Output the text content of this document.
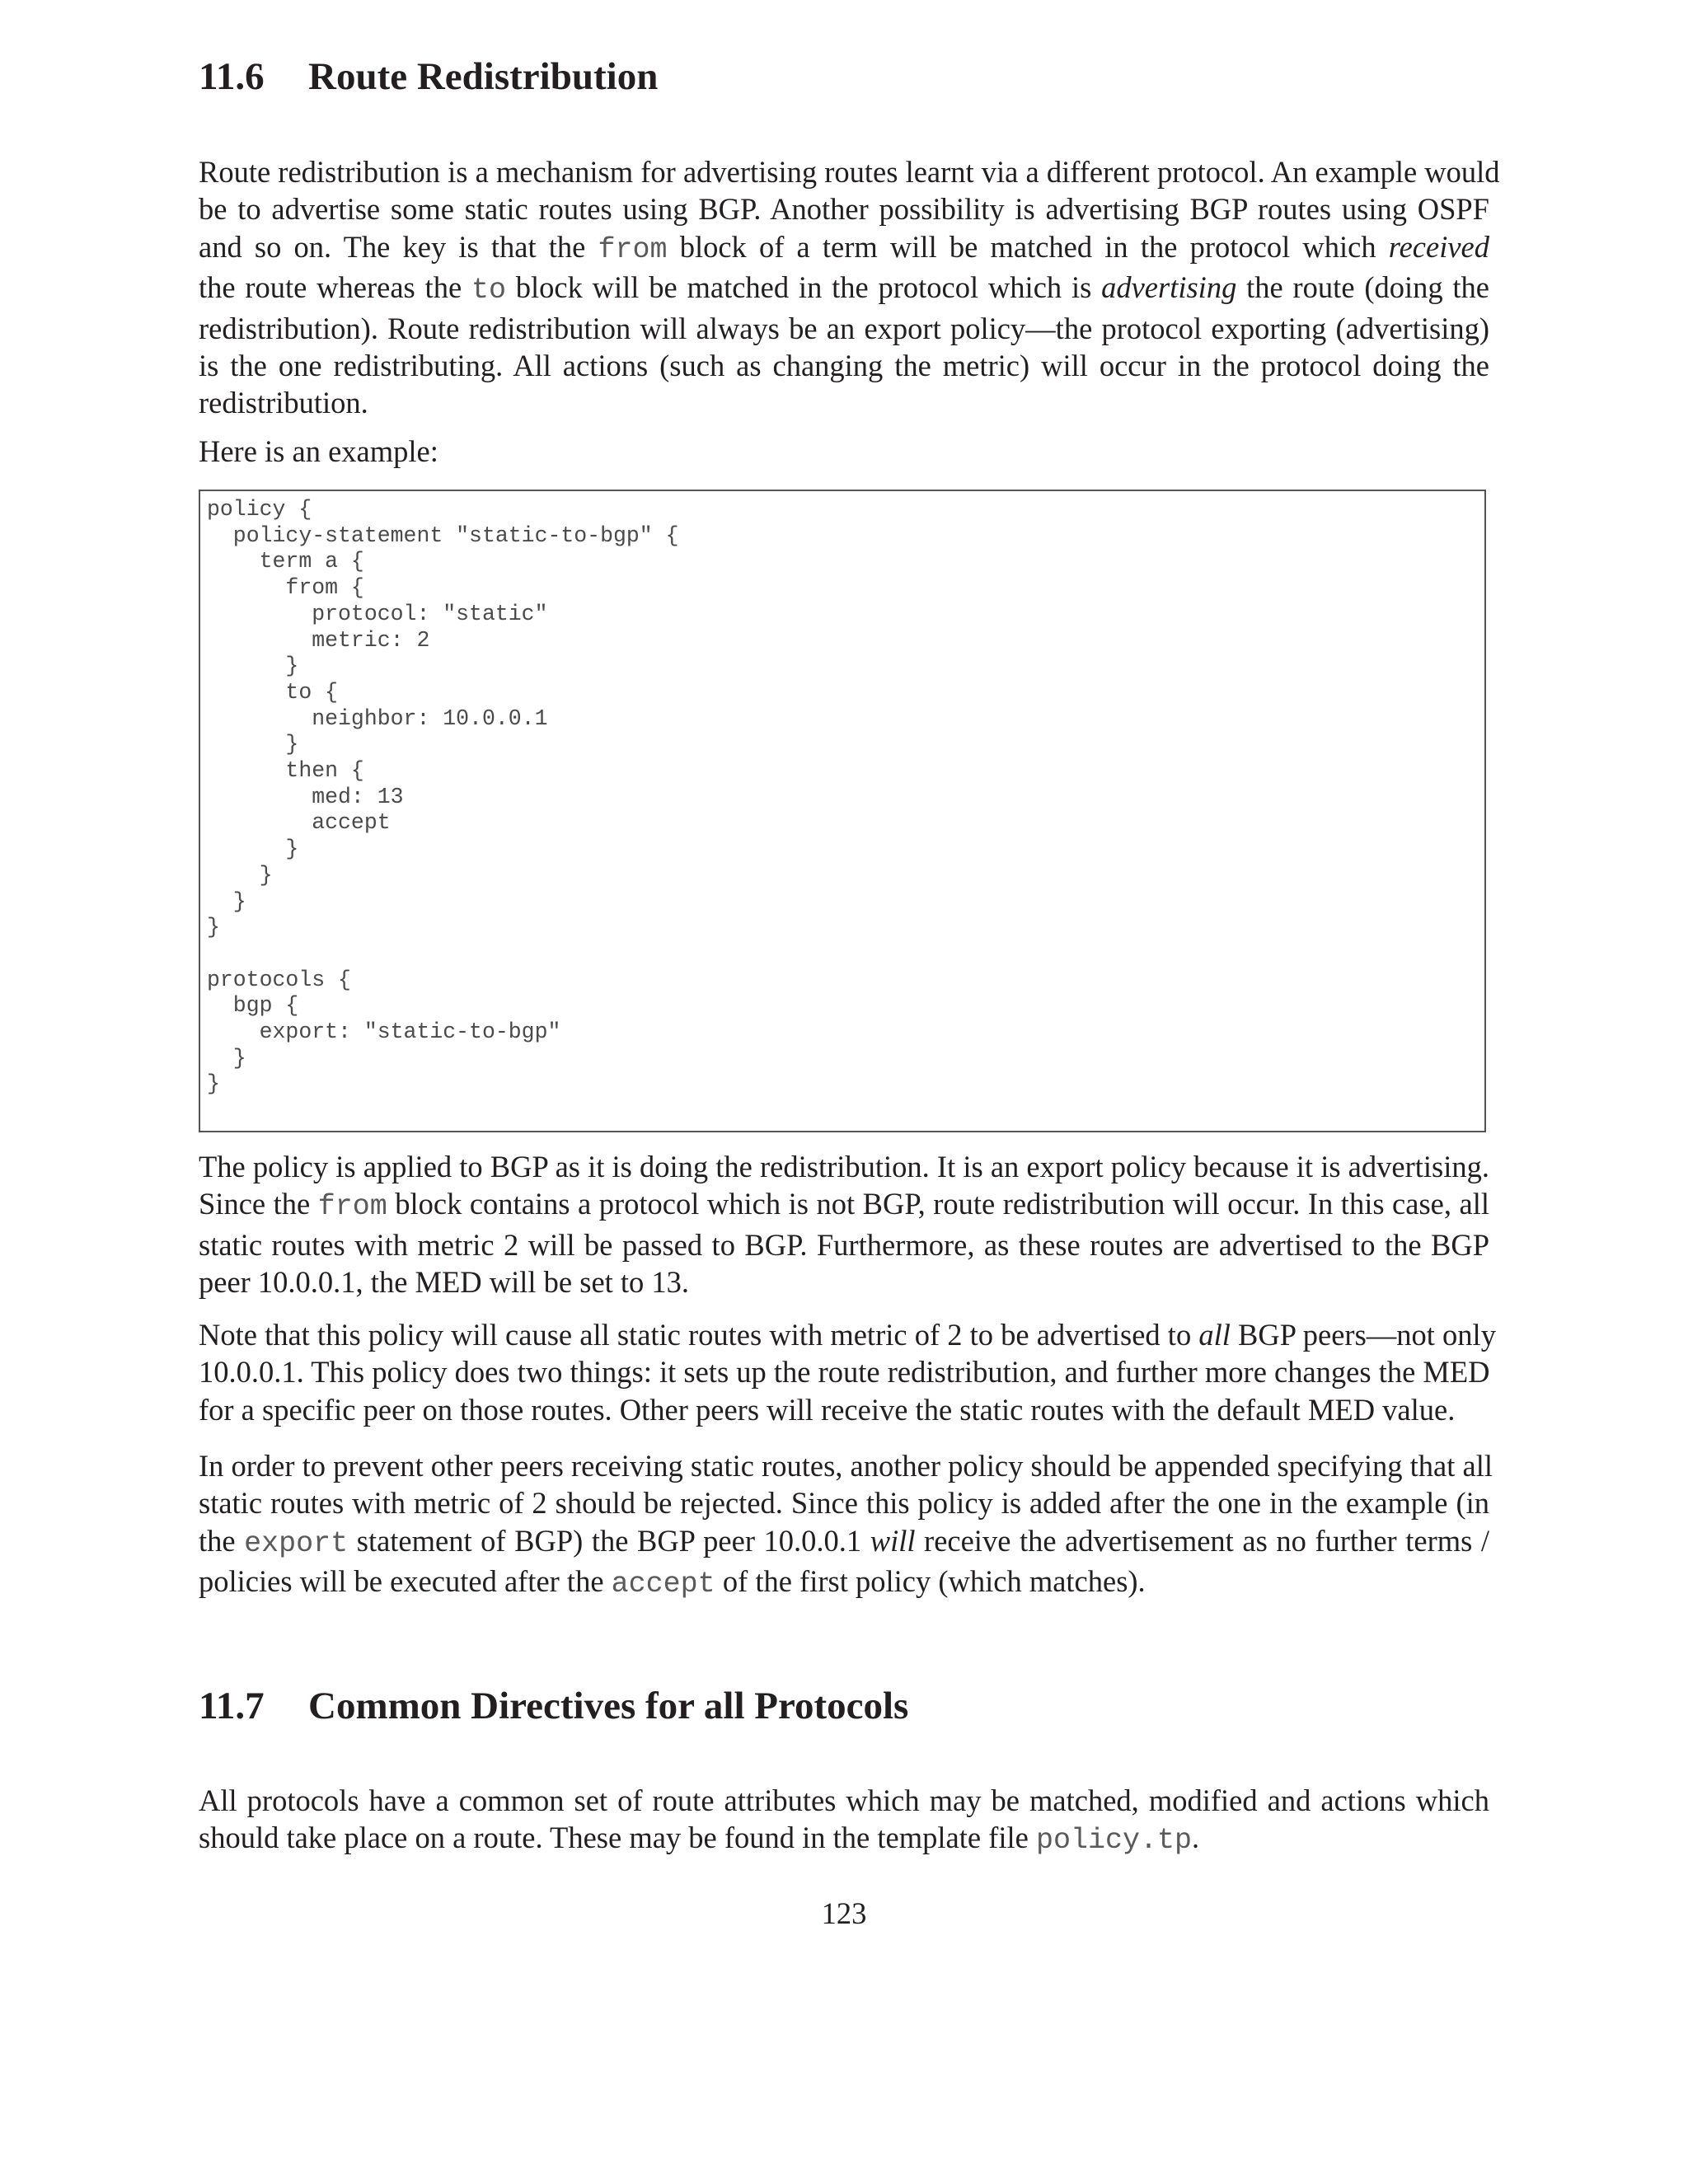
11.6 Route Redistribution
Route redistribution is a mechanism for advertising routes learnt via a different protocol. An example would
be to advertise some static routes using BGP. Another possibility is advertising BGP routes using OSPF
and so on. The key is that the from block of a term will be matched in the protocol which received
the route whereas the to block will be matched in the protocol which is advertising the route (doing the
redistribution). Route redistribution will always be an export policy—the protocol exporting (advertising)
is the one redistributing. All actions (such as changing the metric) will occur in the protocol doing the
redistribution.
Here is an example:
policy {
policy-statement "static-to-bgp" {
term a {
from {
protocol: "static"
metric: 2
}
to {
neighbor: 10.0.0.1
}
then {
med: 13
accept
}
}
}
}

protocols {
bgp {
export: "static-to-bgp"
}
}
The policy is applied to BGP as it is doing the redistribution. It is an export policy because it is advertising.
Since the from block contains a protocol which is not BGP, route redistribution will occur. In this case, all
static routes with metric 2 will be passed to BGP. Furthermore, as these routes are advertised to the BGP
peer 10.0.0.1, the MED will be set to 13.
Note that this policy will cause all static routes with metric of 2 to be advertised to all BGP peers—not only
10.0.0.1. This policy does two things: it sets up the route redistribution, and further more changes the MED
for a specific peer on those routes. Other peers will receive the static routes with the default MED value.
In order to prevent other peers receiving static routes, another policy should be appended specifying that all
static routes with metric of 2 should be rejected. Since this policy is added after the one in the example (in
the export statement of BGP) the BGP peer 10.0.0.1 will receive the advertisement as no further terms /
policies will be executed after the accept of the first policy (which matches).
11.7 Common Directives for all Protocols
All protocols have a common set of route attributes which may be matched, modified and actions which
should take place on a route. These may be found in the template file policy.tp.
123
